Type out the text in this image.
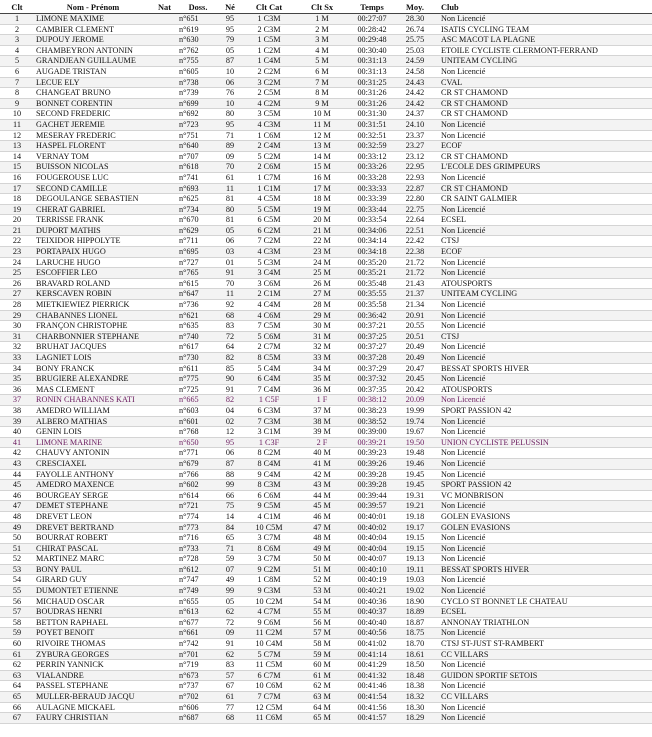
Clt	Nom - Prénom	Nat	Doss.	Né	Clt Cat	Clt Sx	Temps	Moy.	Club
1	LIMONE MAXIME		n°651	95	1 C3M	1 M	00:27:07	28.30	Non Licencié
2	CAMBIER CLEMENT		n°619	95	2 C3M	2 M	00:28:42	26.74	ISATIS CYCLING TEAM
3	DUPOUY JEROME		n°630	79	1 C5M	3 M	00:29:48	25.75	ASC MACOT LA PLAGNE
4	CHAMBEYRON ANTONIN		n°762	05	1 C2M	4 M	00:30:40	25.03	ETOILE CYCLISTE CLERMONT-FERRAND
5	GRANDJEAN GUILLAUME		n°755	87	1 C4M	5 M	00:31:13	24.59	UNITEAM CYCLING
6	AUGADE TRISTAN		n°605	10	2 C2M	6 M	00:31:13	24.58	Non Licencié
7	LECUE ELY		n°738	06	3 C2M	7 M	00:31:25	24.43	CVAL
8	CHANGEAT BRUNO		n°739	76	2 C5M	8 M	00:31:26	24.42	CR ST CHAMOND
9	BONNET CORENTIN		n°699	10	4 C2M	9 M	00:31:26	24.42	CR ST CHAMOND
10	SECOND FREDERIC		n°692	80	3 C5M	10 M	00:31:30	24.37	CR ST CHAMOND
11	GACHET JEREMIE		n°723	95	4 C3M	11 M	00:31:51	24.10	Non Licencié
12	MESERAY FREDERIC		n°751	71	1 C6M	12 M	00:32:51	23.37	Non Licencié
13	HASPEL FLORENT		n°640	89	2 C4M	13 M	00:32:59	23.27	ECOF
14	VERNAY TOM		n°707	09	5 C2M	14 M	00:33:12	23.12	CR ST CHAMOND
15	BUISSON NICOLAS		n°618	70	2 C6M	15 M	00:33:26	22.95	L'ECOLE DES GRIMPEURS
16	FOUGEROUSE LUC		n°741	61	1 C7M	16 M	00:33:28	22.93	Non Licencié
17	SECOND CAMILLE		n°693	11	1 C1M	17 M	00:33:33	22.87	CR ST CHAMOND
18	DEGOULANGE SEBASTIEN		n°625	81	4 C5M	18 M	00:33:39	22.80	CR SAINT GALMIER
19	CHERAT GABRIEL		n°734	80	5 C5M	19 M	00:33:44	22.75	Non Licencié
20	TERRISSE FRANK		n°670	81	6 C5M	20 M	00:33:54	22.64	ECSEL
21	DUPORT MATHIS		n°629	05	6 C2M	21 M	00:34:06	22.51	Non Licencié
22	TEIXIDOR HIPPOLYTE		n°711	06	7 C2M	22 M	00:34:14	22.42	CTSJ
23	PORTAPAIX HUGO		n°695	03	4 C3M	23 M	00:34:18	22.38	ECOF
24	LARUCHE HUGO		n°727	01	5 C3M	24 M	00:35:20	21.72	Non Licencié
25	ESCOFFIER LEO		n°765	91	3 C4M	25 M	00:35:21	21.72	Non Licencié
26	BRAVARD ROLAND		n°615	70	3 C6M	26 M	00:35:48	21.43	ATOUSPORTS
27	KERSCAVEN ROBIN		n°647	11	2 C1M	27 M	00:35:55	21.37	UNITEAM CYCLING
28	MIETKIEWIEZ PIERRICK		n°736	92	4 C4M	28 M	00:35:58	21.34	Non Licencié
29	CHABANNES LIONEL		n°621	68	4 C6M	29 M	00:36:42	20.91	Non Licencié
30	FRANÇON CHRISTOPHE		n°635	83	7 C5M	30 M	00:37:21	20.55	Non Licencié
31	CHARBONNIER STEPHANE		n°740	72	5 C6M	31 M	00:37:25	20.51	CTSJ
32	BRUHAT JACQUES		n°617	64	2 C7M	32 M	00:37:27	20.49	Non Licencié
33	LAGNIET LOIS		n°730	82	8 C5M	33 M	00:37:28	20.49	Non Licencié
34	BONY FRANCK		n°611	85	5 C4M	34 M	00:37:29	20.47	BESSAT SPORTS HIVER
35	BRUGIERE ALEXANDRE		n°775	90	6 C4M	35 M	00:37:32	20.45	Non Licencié
36	MAS CLEMENT		n°725	91	7 C4M	36 M	00:37:35	20.42	ATOUSPORTS
37	RONIN CHABANNES KATI		n°665	82	1 C5F	1 F	00:38:12	20.09	Non Licencié
38	AMEDRO WILLIAM		n°603	04	6 C3M	37 M	00:38:23	19.99	SPORT PASSION 42
39	ALBERO MATHIAS		n°601	02	7 C3M	38 M	00:38:52	19.74	Non Licencié
40	GENIN LOIS		n°768	12	3 C1M	39 M	00:39:00	19.67	Non Licencié
41	LIMONE MARINE		n°650	95	1 C3F	2 F	00:39:21	19.50	UNION CYCLISTE PELUSSIN
42	CHAUVY ANTONIN		n°771	06	8 C2M	40 M	00:39:23	19.48	Non Licencié
43	CRESCIAXEL		n°679	87	8 C4M	41 M	00:39:26	19.46	Non Licencié
44	FAYOLLE ANTHONY		n°766	88	9 C4M	42 M	00:39:28	19.45	Non Licencié
45	AMEDRO MAXENCE		n°602	99	8 C3M	43 M	00:39:28	19.45	SPORT PASSION 42
46	BOURGEAY SERGE		n°614	66	6 C6M	44 M	00:39:44	19.31	VC MONBRISON
47	DEMET STEPHANE		n°721	75	9 C5M	45 M	00:39:57	19.21	Non Licencié
48	DREVET LEON		n°774	14	4 C1M	46 M	00:40:01	19.18	GOLEN EVASIONS
49	DREVET BERTRAND		n°773	84	10 C5M	47 M	00:40:02	19.17	GOLEN EVASIONS
50	BOURRAT ROBERT		n°716	65	3 C7M	48 M	00:40:04	19.15	Non Licencié
51	CHIRAT PASCAL		n°733	71	8 C6M	49 M	00:40:04	19.15	Non Licencié
52	MARTINEZ MARC		n°728	59	3 C7M	50 M	00:40:07	19.13	Non Licencié
53	BONY PAUL		n°612	07	9 C2M	51 M	00:40:10	19.11	BESSAT SPORTS HIVER
54	GIRARD GUY		n°747	49	1 C8M	52 M	00:40:19	19.03	Non Licencié
55	DUMONTET ETIENNE		n°749	99	9 C3M	53 M	00:40:21	19.02	Non Licencié
56	MICHAUD OSCAR		n°655	05	10 C2M	54 M	00:40:36	18.90	CYCLO ST BONNET LE CHATEAU
57	BOUDRAS HENRI		n°613	62	4 C7M	55 M	00:40:37	18.89	ECSEL
58	BETTON RAPHAEL		n°677	72	9 C6M	56 M	00:40:40	18.87	ANNONAY TRIATHLON
59	POYET BENOIT		n°661	09	11 C2M	57 M	00:40:56	18.75	Non Licencié
60	RIVOIRE THOMAS		n°742	91	10 C4M	58 M	00:41:02	18.70	CTSJ ST-JUST ST-RAMBERT
61	ZYBURA GEORGES		n°701	62	5 C7M	59 M	00:41:14	18.61	CC VILLARS
62	PERRIN YANNICK		n°719	83	11 C5M	60 M	00:41:29	18.50	Non Licencié
63	VIALANDRE		n°673	57	6 C7M	61 M	00:41:32	18.48	GUIDON SPORTIF SETOIS
64	PASSEL STEPHANE		n°737	67	10 C6M	62 M	00:41:46	18.38	Non Licencié
65	MULLER-BERAUD JACQU		n°702	61	7 C7M	63 M	00:41:54	18.32	CC VILLARS
66	AULAGNE MICKAEL		n°606	77	12 C5M	64 M	00:41:56	18.30	Non Licencié
67	FAURY CHRISTIAN		n°687	68	11 C6M	65 M	00:41:57	18.29	Non Licencié
